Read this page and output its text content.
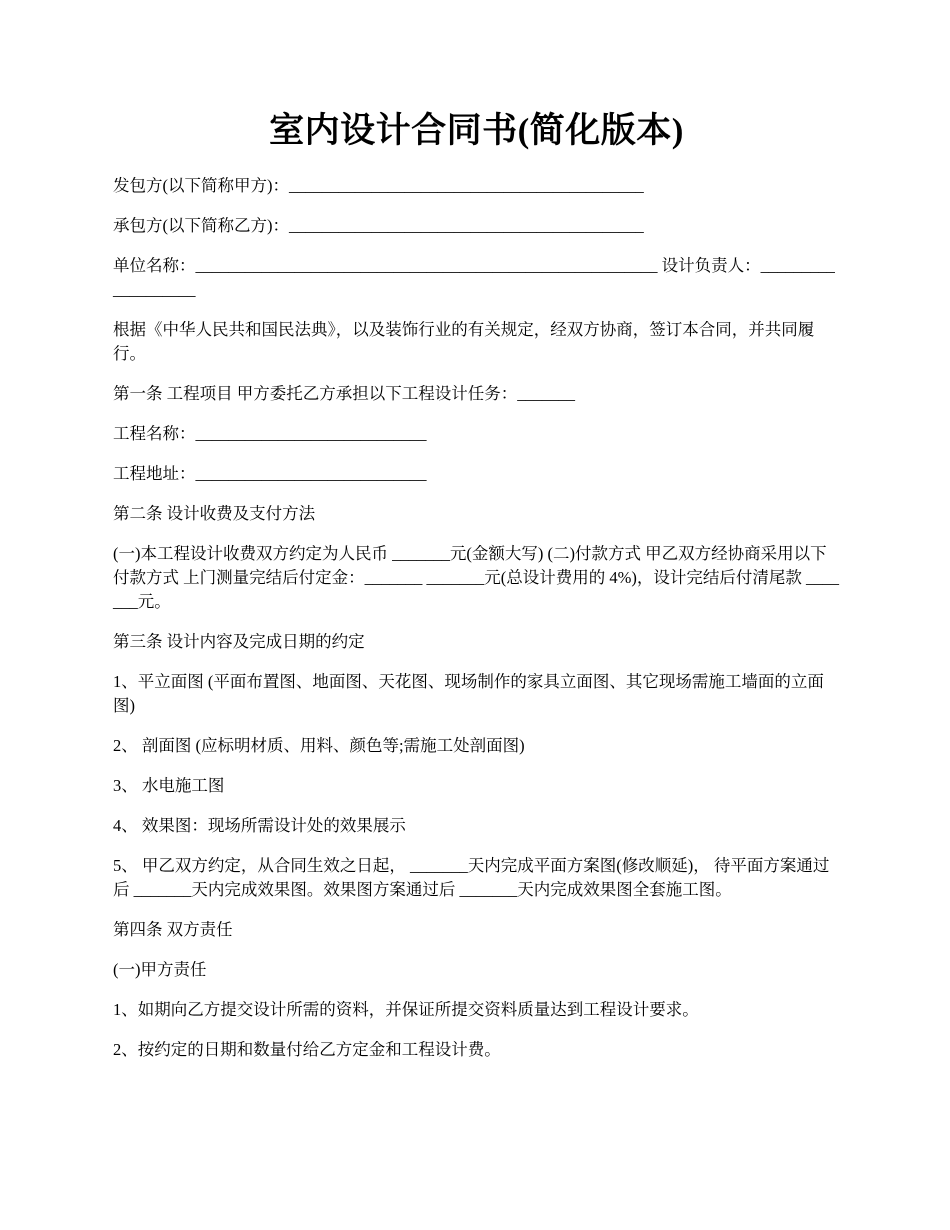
室内设计合同书(简化版本)

发包方(以下简称甲方)：___________________________________________

承包方(以下简称乙方)：___________________________________________

单位名称：________________________________________________________ 设计负责人：___________________

根据《中华人民共和国民法典》，以及装饰行业的有关规定，经双方协商，签订本合同，并共同履行。

第一条 工程项目 甲方委托乙方承担以下工程设计任务：_______

工程名称：____________________________

工程地址：____________________________

第二条 设计收费及支付方法

(一)本工程设计收费双方约定为人民币 _______元(金额大写) (二)付款方式 甲乙双方经协商采用以下付款方式 上门测量完结后付定金：_______ _______元(总设计费用的 4%)，设计完结后付清尾款 _______元。

第三条 设计内容及完成日期的约定

1、平立面图 (平面布置图、地面图、天花图、现场制作的家具立面图、其它现场需施工墙面的立面图)

2、 剖面图 (应标明材质、用料、颜色等;需施工处剖面图)

3、 水电施工图

4、 效果图：现场所需设计处的效果展示

5、 甲乙双方约定，从合同生效之日起， _______天内完成平面方案图(修改顺延)， 待平面方案通过后 _______天内完成效果图。效果图方案通过后 _______天内完成效果图全套施工图。

第四条 双方责任

(一)甲方责任

1、如期向乙方提交设计所需的资料，并保证所提交资料质量达到工程设计要求。

2、按约定的日期和数量付给乙方定金和工程设计费。
